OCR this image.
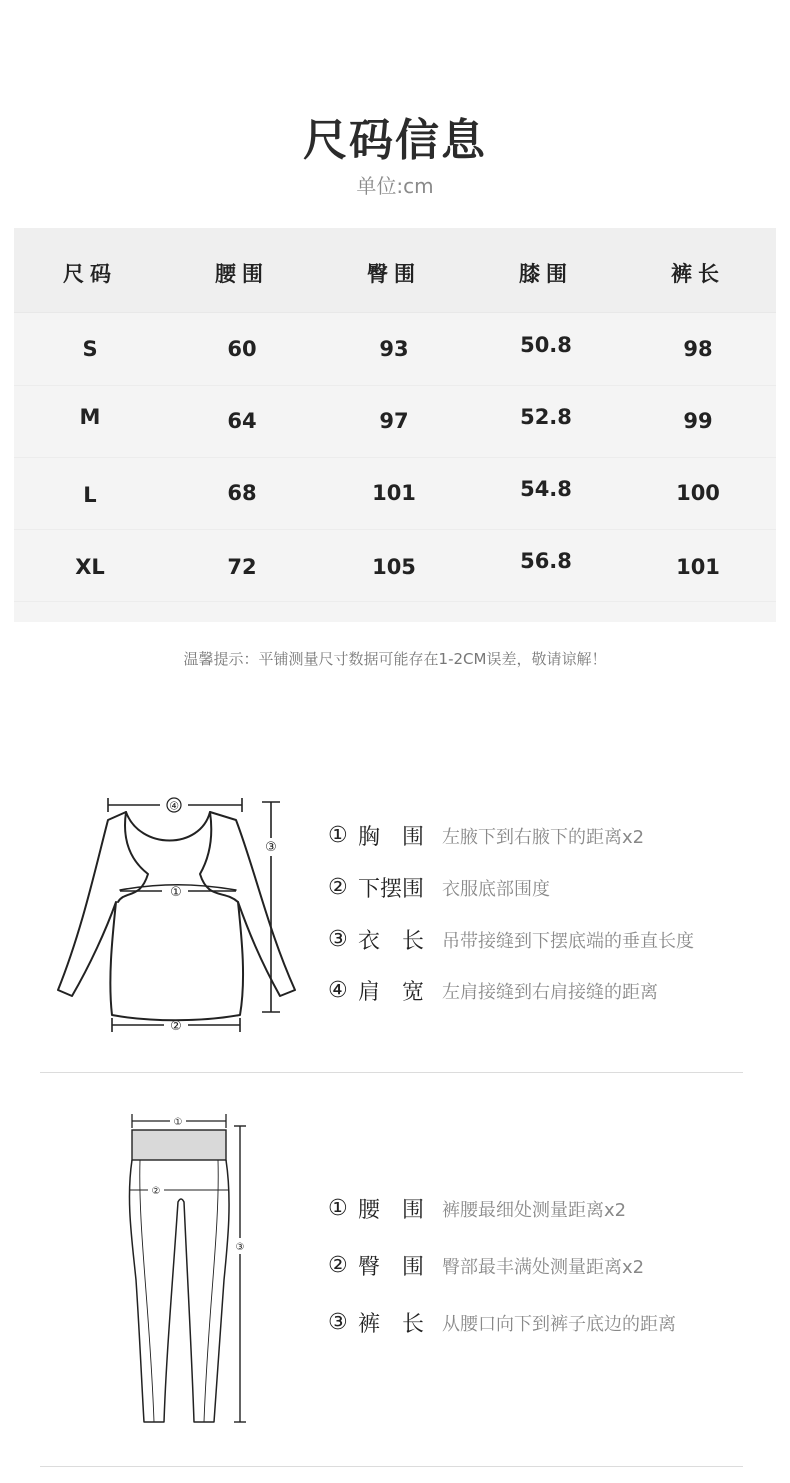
尺码信息
单位:cm
尺码	腰围	臀围	膝围	裤长
S	60	93	50.8	98
M	64	97	52.8	99
L	68	101	54.8	100
XL	72	105	56.8	101
温馨提示：平铺测量尺寸数据可能存在1-2CM误差，敬请谅解！
④
①
②
③ ① 胸　围 左腋下到右腋下的距离x2
② 下摆围 衣服底部围度
③ 衣　长 吊带接缝到下摆底端的垂直长度
④ 肩　宽 左肩接缝到右肩接缝的距离
①
②
③
① 腰　围 裤腰最细处测量距离x2
② 臀　围 臀部最丰满处测量距离x2
③ 裤　长 从腰口向下到裤子底边的距离
